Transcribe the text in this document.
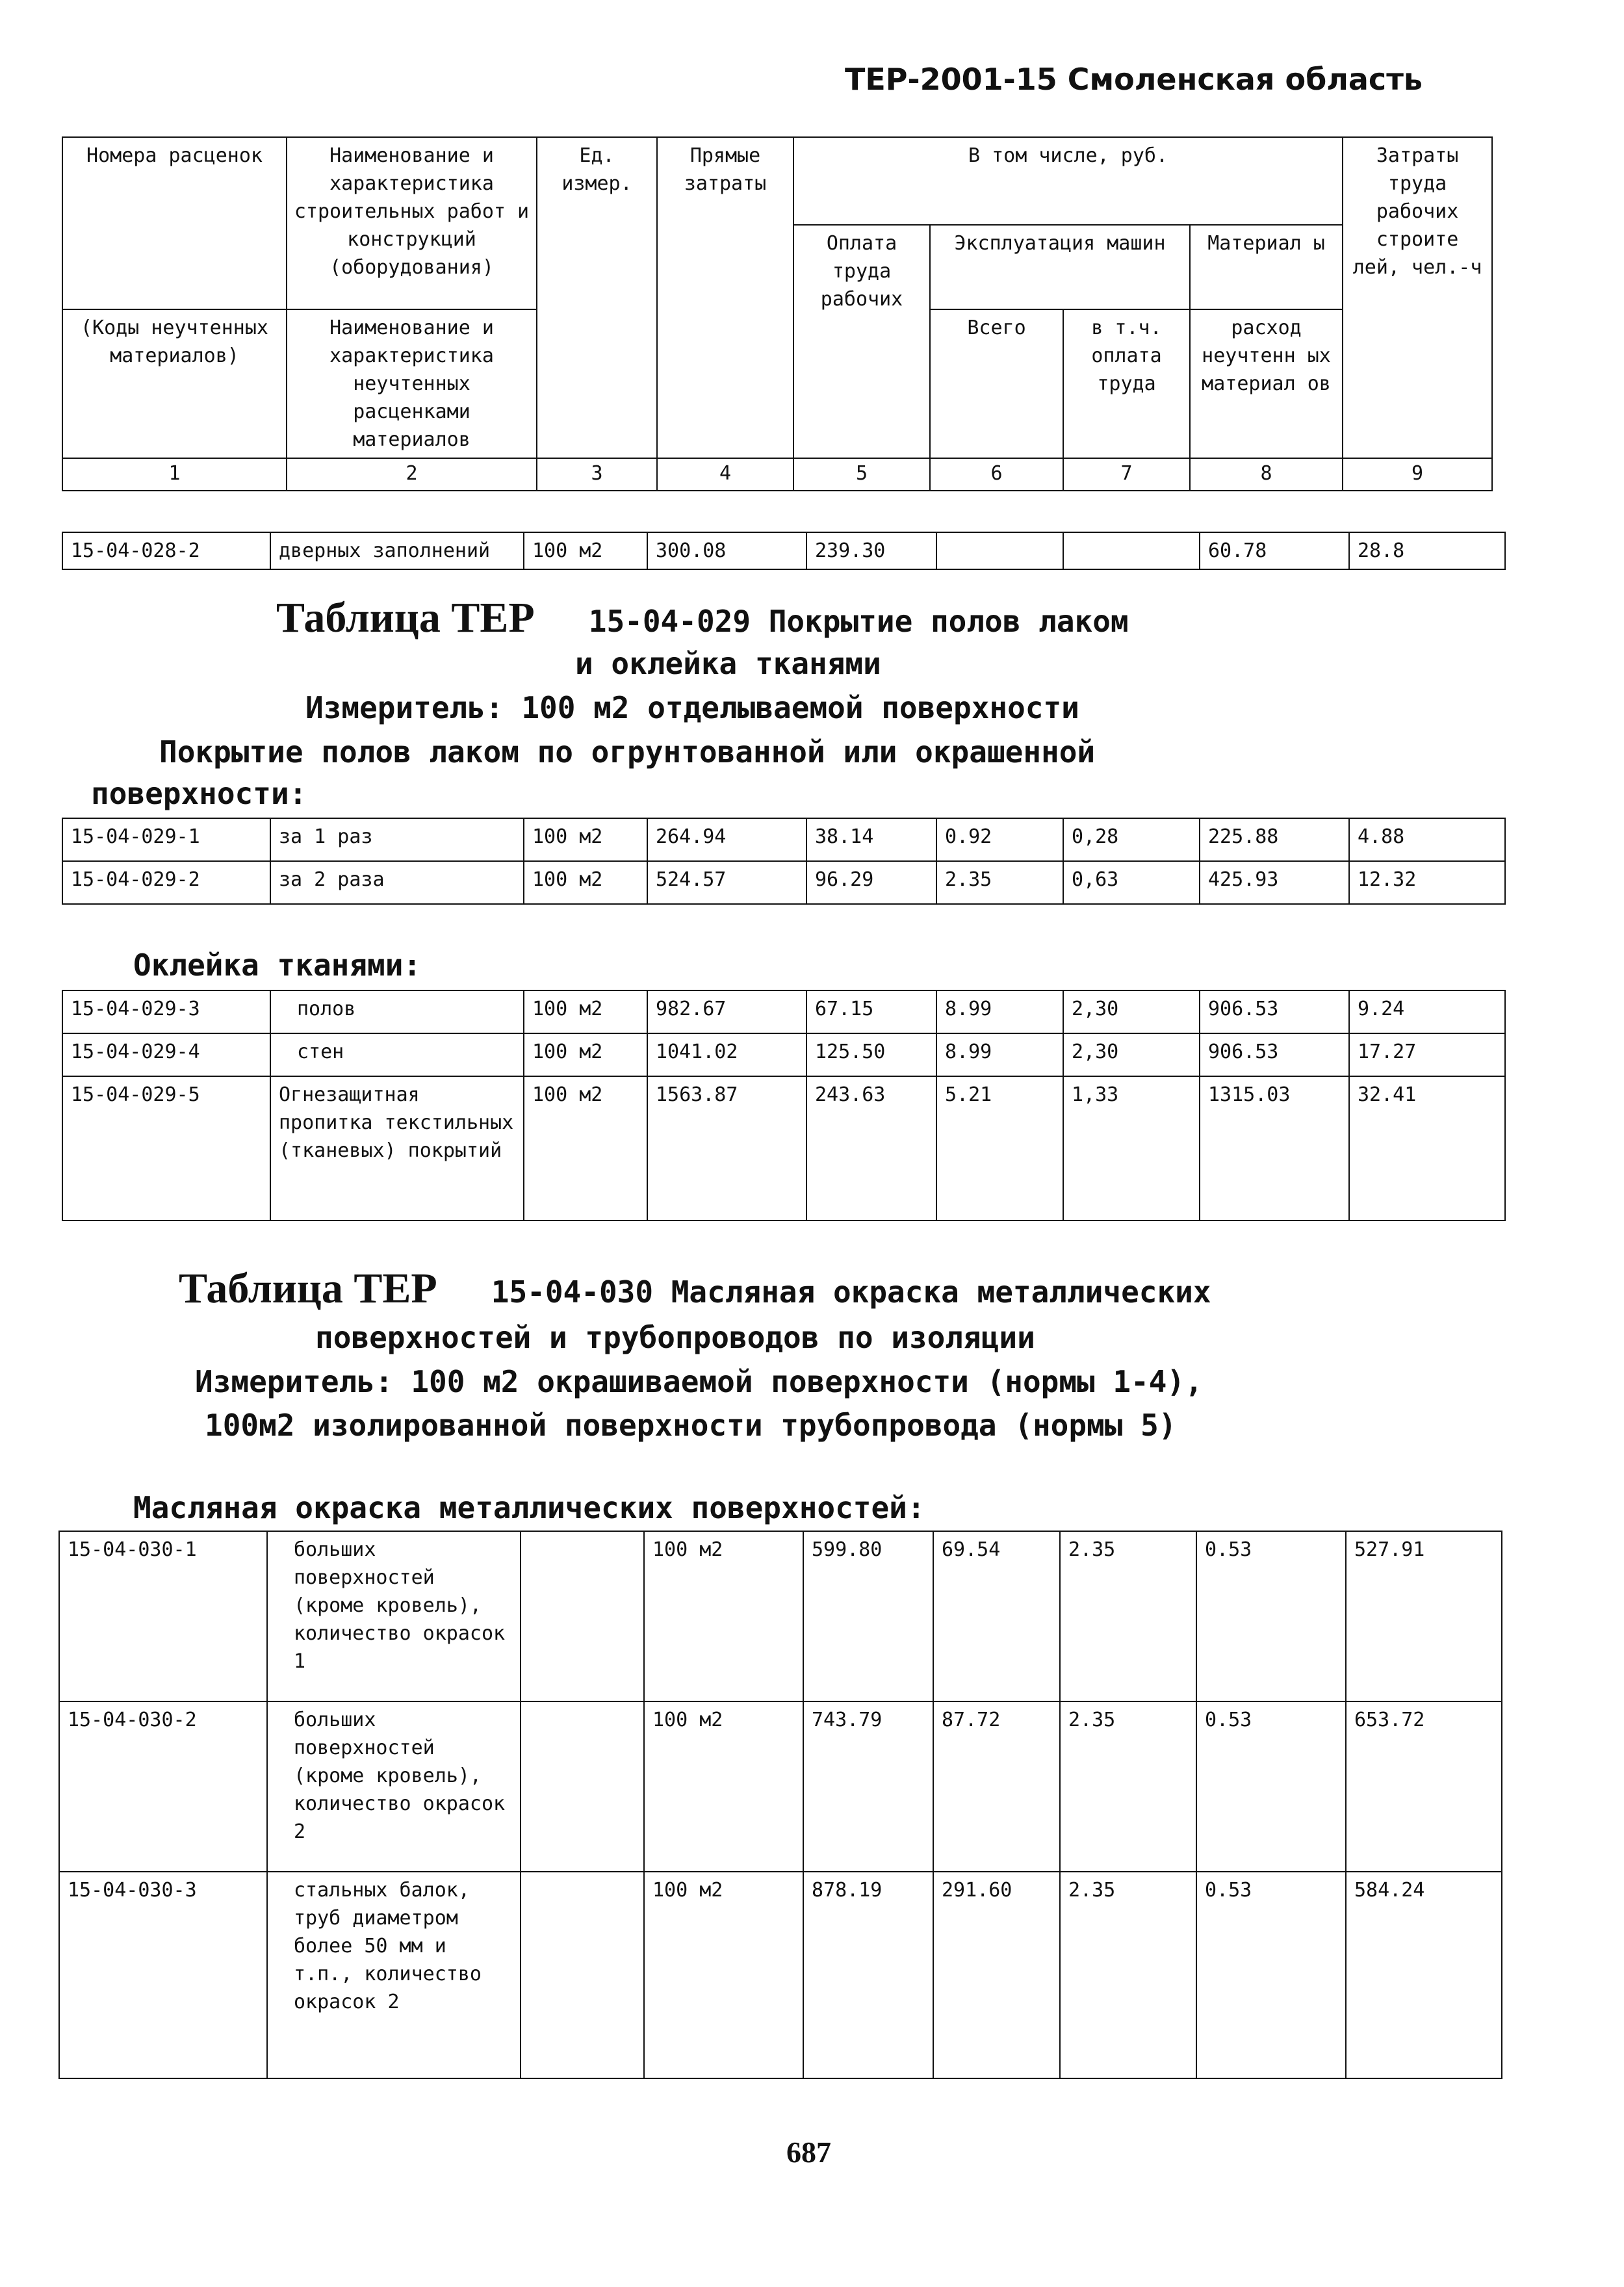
ТЕР-2001-15 Смоленская область
Номера расценок	Наименование и характеристика строительных работ и конструкций (оборудования)	Ед. измер.	Прямые затраты	В том числе, руб.				Затраты труда рабочих строите лей, чел.-ч
				Оплата труда рабочих	Эксплуатация машин		Материал ы	
(Коды неучтенных материалов)	Наименование и характеристика неучтенных расценками материалов				Всего	в т.ч. оплата труда	расход неучтенн ых материал ов	
1	2	3	4	5	6	7	8	9
15-04-028-2	дверных заполнений	100 м2	300.08	239.30			60.78	28.8
Таблица ТЕР 15-04-029 Покрытие полов лаком
и оклейка тканями
Измеритель: 100 м2 отделываемой поверхности
Покрытие полов лаком по огрунтованной или окрашенной
поверхности:
15-04-029-1	за 1 раз	100 м2	264.94	38.14	0.92	0,28	225.88	4.88
15-04-029-2	за 2 раза	100 м2	524.57	96.29	2.35	0,63	425.93	12.32
Оклейка тканями:
15-04-029-3	полов	100 м2	982.67	67.15	8.99	2,30	906.53	9.24
15-04-029-4	стен	100 м2	1041.02	125.50	8.99	2,30	906.53	17.27
15-04-029-5	Огнезащитная пропитка текстильных (тканевых) покрытий	100 м2	1563.87	243.63	5.21	1,33	1315.03	32.41
Таблица ТЕР 15-04-030 Масляная окраска металлических
поверхностей и трубопроводов по изоляции
Измеритель: 100 м2 окрашиваемой поверхности (нормы 1-4),
100м2 изолированной поверхности трубопровода (нормы 5)
Масляная окраска металлических поверхностей:
15-04-030-1	больших поверхностей (кроме кровель), количество окрасок 1		100 м2	599.80	69.54	2.35	0.53	527.91
15-04-030-2	больших поверхностей (кроме кровель), количество окрасок 2		100 м2	743.79	87.72	2.35	0.53	653.72
15-04-030-3	стальных балок, труб диаметром более 50 мм и т.п., количество окрасок 2		100 м2	878.19	291.60	2.35	0.53	584.24
687
